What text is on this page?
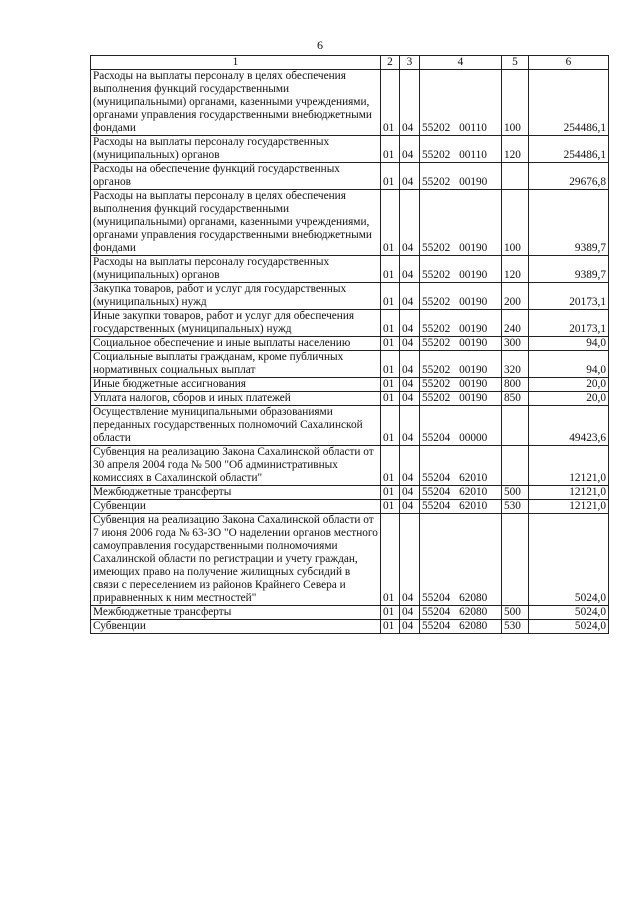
6
1	2	3	4	5	6
Расходы на выплаты персоналу в целях обеспечения выполнения функций государственными (муниципальными) органами, казенными учреждениями, органами управления государственными внебюджетными фондами	01	04	55202 00110	100	254486,1
Расходы на выплаты персоналу государственных (муниципальных) органов	01	04	55202 00110	120	254486,1
Расходы на обеспечение функций государственных органов	01	04	55202 00190		29676,8
Расходы на выплаты персоналу в целях обеспечения выполнения функций государственными (муниципальными) органами, казенными учреждениями, органами управления государственными внебюджетными фондами	01	04	55202 00190	100	9389,7
Расходы на выплаты персоналу государственных (муниципальных) органов	01	04	55202 00190	120	9389,7
Закупка товаров, работ и услуг для государственных (муниципальных) нужд	01	04	55202 00190	200	20173,1
Иные закупки товаров, работ и услуг для обеспечения государственных (муниципальных) нужд	01	04	55202 00190	240	20173,1
Социальное обеспечение и иные выплаты населению	01	04	55202 00190	300	94,0
Социальные выплаты гражданам, кроме публичных нормативных социальных выплат	01	04	55202 00190	320	94,0
Иные бюджетные ассигнования	01	04	55202 00190	800	20,0
Уплата налогов, сборов и иных платежей	01	04	55202 00190	850	20,0
Осуществление муниципальными образованиями переданных государственных полномочий Сахалинской области	01	04	55204 00000		49423,6
Субвенция на реализацию Закона Сахалинской области от 30 апреля 2004 года № 500 "Об административных комиссиях в Сахалинской области"	01	04	55204 62010		12121,0
Межбюджетные трансферты	01	04	55204 62010	500	12121,0
Субвенции	01	04	55204 62010	530	12121,0
Субвенция на реализацию Закона Сахалинской области от 7 июня 2006 года № 63-ЗО "О наделении органов местного самоуправления государственными полномочиями Сахалинской области по регистрации и учету граждан, имеющих право на получение жилищных субсидий в связи с переселением из районов Крайнего Севера и приравненных к ним местностей"	01	04	55204 62080		5024,0
Межбюджетные трансферты	01	04	55204 62080	500	5024,0
Субвенции	01	04	55204 62080	530	5024,0
